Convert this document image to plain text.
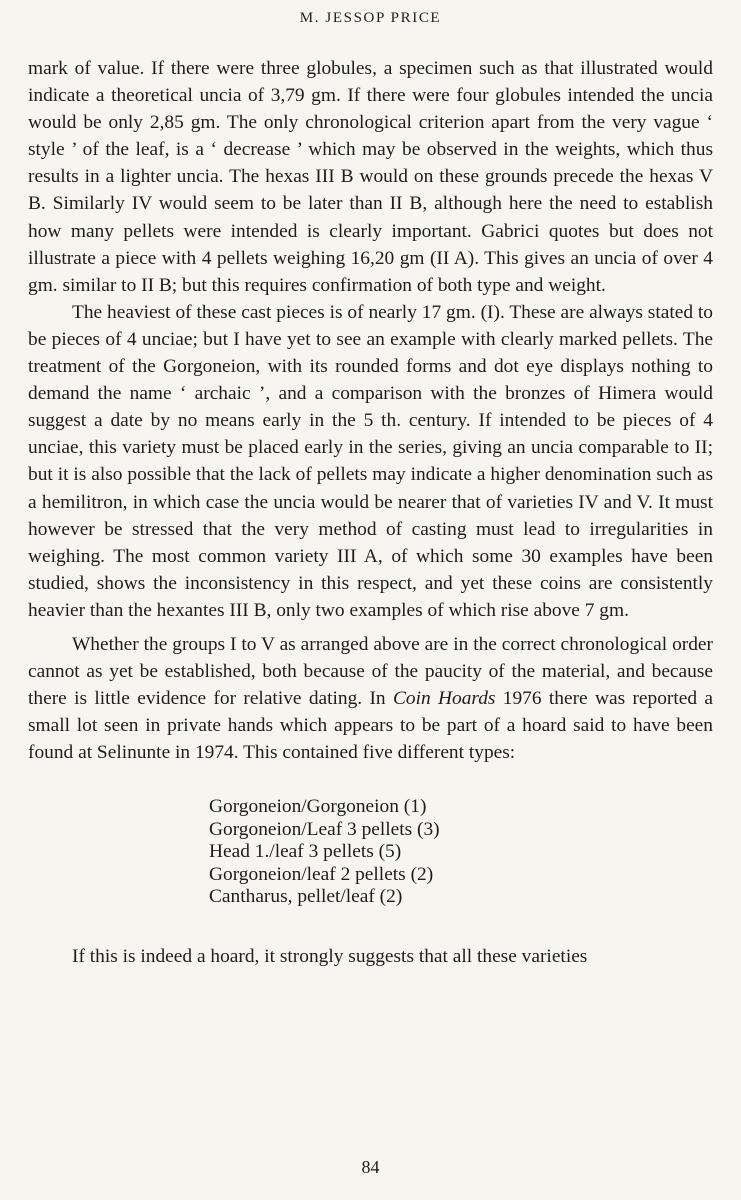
M. JESSOP PRICE

mark of value. If there were three globules, a specimen such as that illustrated would indicate a theoretical uncia of 3,79 gm. If there were four globules intended the uncia would be only 2,85 gm. The only chronological criterion apart from the very vague ‘ style ’ of the leaf, is a ‘ decrease ’ which may be observed in the weights, which thus results in a lighter uncia. The hexas III B would on these grounds precede the hexas V B. Similarly IV would seem to be later than II B, although here the need to establish how many pellets were intended is clearly important. Gabrici quotes but does not illustrate a piece with 4 pellets weighing 16,20 gm (II A). This gives an uncia of over 4 gm. similar to II B; but this requires confirmation of both type and weight.

The heaviest of these cast pieces is of nearly 17 gm. (I). These are always stated to be pieces of 4 unciae; but I have yet to see an example with clearly marked pellets. The treatment of the Gorgoneion, with its rounded forms and dot eye displays nothing to demand the name ‘ archaic ’, and a comparison with the bronzes of Himera would suggest a date by no means early in the 5 th. century. If intended to be pieces of 4 unciae, this variety must be placed early in the series, giving an uncia comparable to II; but it is also possible that the lack of pellets may indicate a higher denomination such as a hemilitron, in which case the uncia would be nearer that of varieties IV and V. It must however be stressed that the very method of casting must lead to irregularities in weighing. The most common variety III A, of which some 30 examples have been studied, shows the inconsistency in this respect, and yet these coins are consistently heavier than the hexantes III B, only two examples of which rise above 7 gm.

Whether the groups I to V as arranged above are in the correct chronological order cannot as yet be established, both because of the paucity of the material, and because there is little evidence for relative dating. In Coin Hoards 1976 there was reported a small lot seen in private hands which appears to be part of a hoard said to have been found at Selinunte in 1974. This contained five different types:

Gorgoneion/Gorgoneion (1)
Gorgoneion/Leaf 3 pellets (3)
Head 1./leaf 3 pellets (5)
Gorgoneion/leaf 2 pellets (2)
Cantharus, pellet/leaf (2)

If this is indeed a hoard, it strongly suggests that all these varieties

84
